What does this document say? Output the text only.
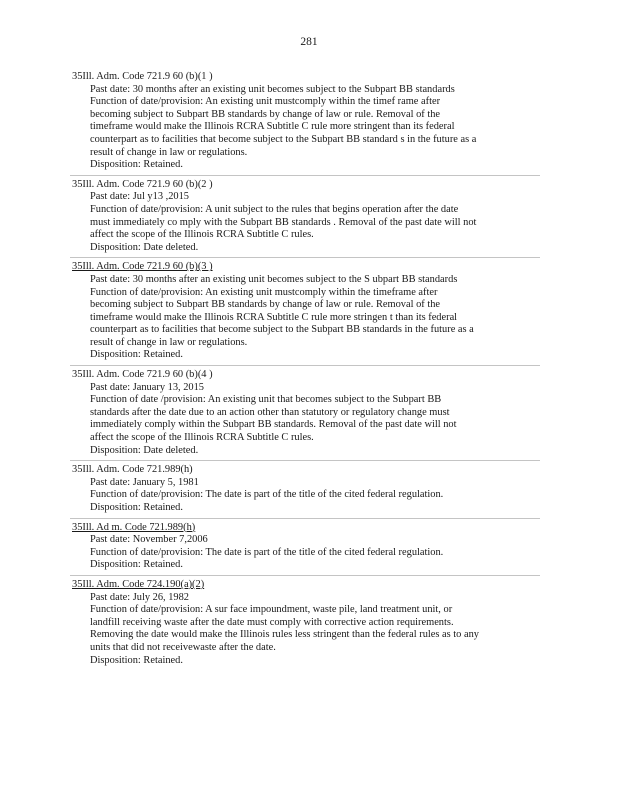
281
35Ill. Adm. Code 721.9 60 (b)(1 )
Past date: 30 months after an existing unit becomes subject to the Subpart BB standards
Function of date/provision: An existing unit mustcomply within the timef rame after
becoming subject to Subpart BB standards by change of law or rule. Removal of the
timeframe would make the Illinois RCRA Subtitle C rule more stringent than its federal
counterpart as to facilities that become subject to the Subpart BB standard s in the future as a
result of change in law or regulations.
Disposition: Retained.
35Ill. Adm. Code 721.9 60 (b)(2 )
Past date: Jul y13 ,2015
Function of date/provision: A unit subject to the rules that begins operation after the date
must immediately co mply with the Subpart BB standards . Removal of the past date will not
affect the scope of the Illinois RCRA Subtitle C rules.
Disposition: Date deleted.
35Ill. Adm. Code 721.9 60 (b)(3 )
Past date: 30 months after an existing unit becomes subject to the S ubpart BB standards
Function of date/provision: An existing unit mustcomply within the timeframe after
becoming subject to Subpart BB standards by change of law or rule. Removal of the
timeframe would make the Illinois RCRA Subtitle C rule more stringen t than its federal
counterpart as to facilities that become subject to the Subpart BB standards in the future as a
result of change in law or regulations.
Disposition: Retained.
35Ill. Adm. Code 721.9 60 (b)(4 )
Past date: January 13, 2015
Function of date /provision: An existing unit that becomes subject to the Subpart BB
standards after the date due to an action other than statutory or regulatory change must
immediately comply within the Subpart BB standards. Removal of the past date will not
affect the scope of the Illinois RCRA Subtitle C rules.
Disposition: Date deleted.
35Ill. Adm. Code 721.989(h)
Past date: January 5, 1981
Function of date/provision: The date is part of the title of the cited federal regulation.
Disposition: Retained.
35Ill. Ad m. Code 721.989(h)
Past date: November 7,2006
Function of date/provision: The date is part of the title of the cited federal regulation.
Disposition: Retained.
35Ill. Adm. Code 724.190(a)(2)
Past date: July 26, 1982
Function of date/provision: A sur face impoundment, waste pile, land treatment unit, or
landfill receiving waste after the date must comply with corrective action requirements.
Removing the date would make the Illinois rules less stringent than the federal rules as to any
units that did not receivewaste after the date.
Disposition: Retained.
